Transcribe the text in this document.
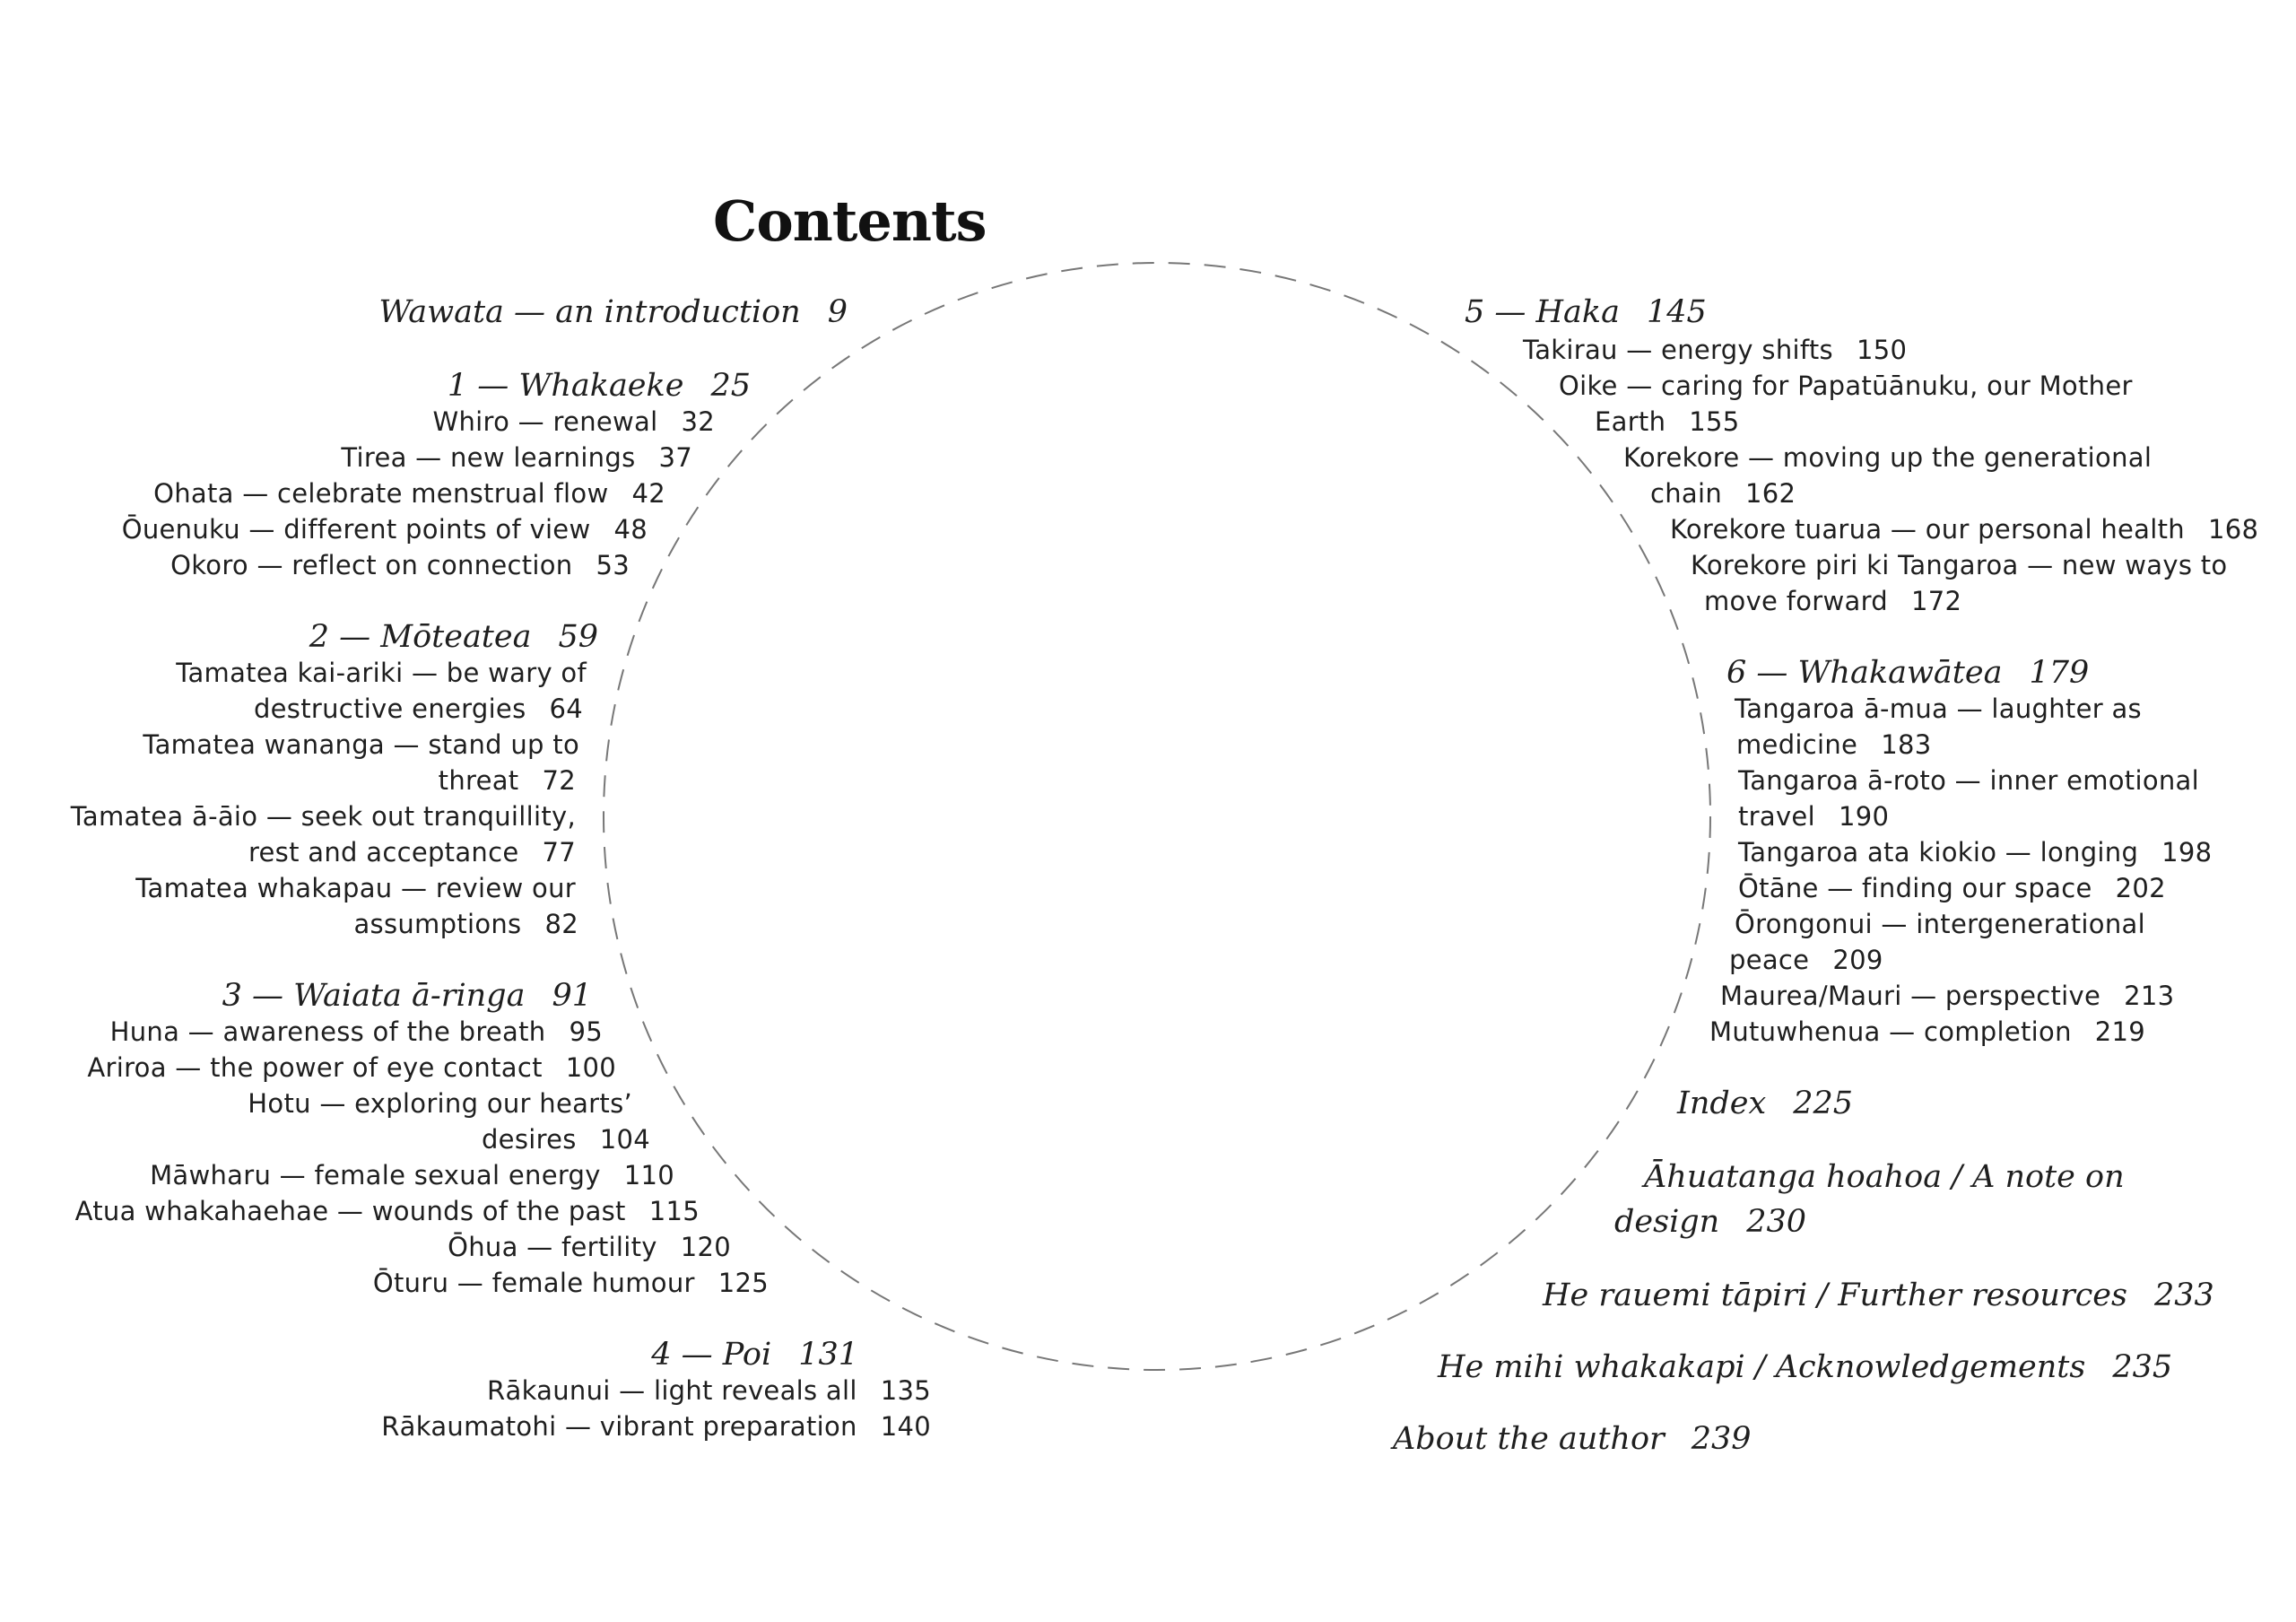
Contents
Wawata — an introduction 9
1 — Whakaeke 25
Whiro — renewal 32
Tirea — new learnings 37
Ohata — celebrate menstrual flow 42
Ōuenuku — different points of view 48
Okoro — reflect on connection 53
2 — Mōteatea 59
Tamatea kai-ariki — be wary of
destructive energies 64
Tamatea wananga — stand up to
threat 72
Tamatea ā-āio — seek out tranquillity,
rest and acceptance 77
Tamatea whakapau — review our
assumptions 82
3 — Waiata ā-ringa 91
Huna — awareness of the breath 95
Ariroa — the power of eye contact 100
Hotu — exploring our hearts’
desires 104
Māwharu — female sexual energy 110
Atua whakahaehae — wounds of the past 115
Ōhua — fertility 120
Ōturu — female humour 125
4 — Poi 131
Rākaunui — light reveals all 135
Rākaumatohi — vibrant preparation 140
5 — Haka 145
Takirau — energy shifts 150
Oike — caring for Papatūānuku, our Mother
Earth 155
Korekore — moving up the generational
chain 162
Korekore tuarua — our personal health 168
Korekore piri ki Tangaroa — new ways to
move forward 172
6 — Whakawātea 179
Tangaroa ā-mua — laughter as
medicine 183
Tangaroa ā-roto — inner emotional
travel 190
Tangaroa ata kiokio — longing 198
Ōtāne — finding our space 202
Ōrongonui — intergenerational
peace 209
Maurea/Mauri — perspective 213
Mutuwhenua — completion 219
Index 225
Āhuatanga hoahoa / A note on
design 230
He rauemi tāpiri / Further resources 233
He mihi whakakapi / Acknowledgements 235
About the author 239
